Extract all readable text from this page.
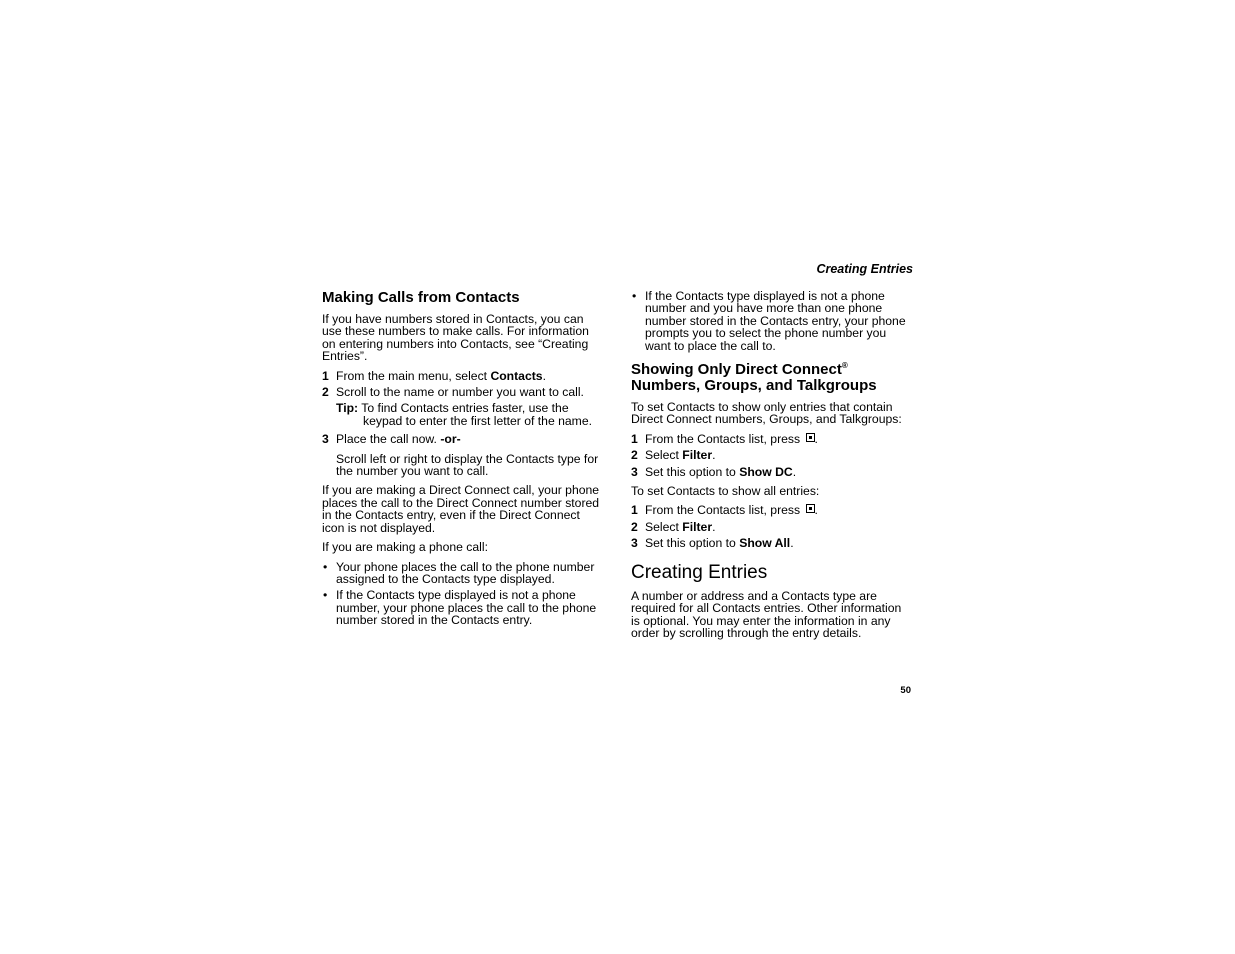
Creating Entries
Making Calls from Contacts

If you have numbers stored in Contacts, you can use these numbers to make calls. For information on entering numbers into Contacts, see “Creating Entries”.

1 From the main menu, select Contacts.
2 Scroll to the name or number you want to call.
Tip: To find Contacts entries faster, use the keypad to enter the first letter of the name.
3 Place the call now. -or-

Scroll left or right to display the Contacts type for the number you want to call.

If you are making a Direct Connect call, your phone places the call to the Direct Connect number stored in the Contacts entry, even if the Direct Connect icon is not displayed.

If you are making a phone call:

• Your phone places the call to the phone number assigned to the Contacts type displayed.
• If the Contacts type displayed is not a phone number, your phone places the call to the phone number stored in the Contacts entry.
• If the Contacts type displayed is not a phone number and you have more than one phone number stored in the Contacts entry, your phone prompts you to select the phone number you want to place the call to.
Showing Only Direct Connect®
Numbers, Groups, and Talkgroups

To set Contacts to show only entries that contain Direct Connect numbers, Groups, and Talkgroups:

1 From the Contacts list, press .
2 Select Filter.
3 Set this option to Show DC.

To set Contacts to show all entries:

1 From the Contacts list, press .
2 Select Filter.
3 Set this option to Show All.
Creating Entries

A number or address and a Contacts type are required for all Contacts entries. Other information is optional. You may enter the information in any order by scrolling through the entry details.

50
